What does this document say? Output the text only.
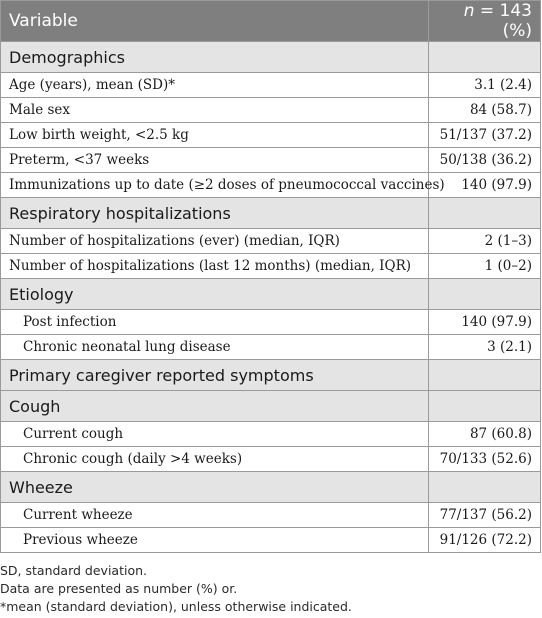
Variable	n = 143 (%)
Demographics	
Age (years), mean (SD)*	3.1 (2.4)
Male sex	84 (58.7)
Low birth weight, <2.5 kg	51/137 (37.2)
Preterm, <37 weeks	50/138 (36.2)
Immunizations up to date (≥2 doses of pneumococcal vaccines)	140 (97.9)
Respiratory hospitalizations	
Number of hospitalizations (ever) (median, IQR)	2 (1–3)
Number of hospitalizations (last 12 months) (median, IQR)	1 (0–2)
Etiology	
Post infection	140 (97.9)
Chronic neonatal lung disease	3 (2.1)
Primary caregiver reported symptoms	
Cough	
Current cough	87 (60.8)
Chronic cough (daily >4 weeks)	70/133 (52.6)
Wheeze	
Current wheeze	77/137 (56.2)
Previous wheeze	91/126 (72.2)
SD, standard deviation.
Data are presented as number (%) or.
*mean (standard deviation), unless otherwise indicated.
